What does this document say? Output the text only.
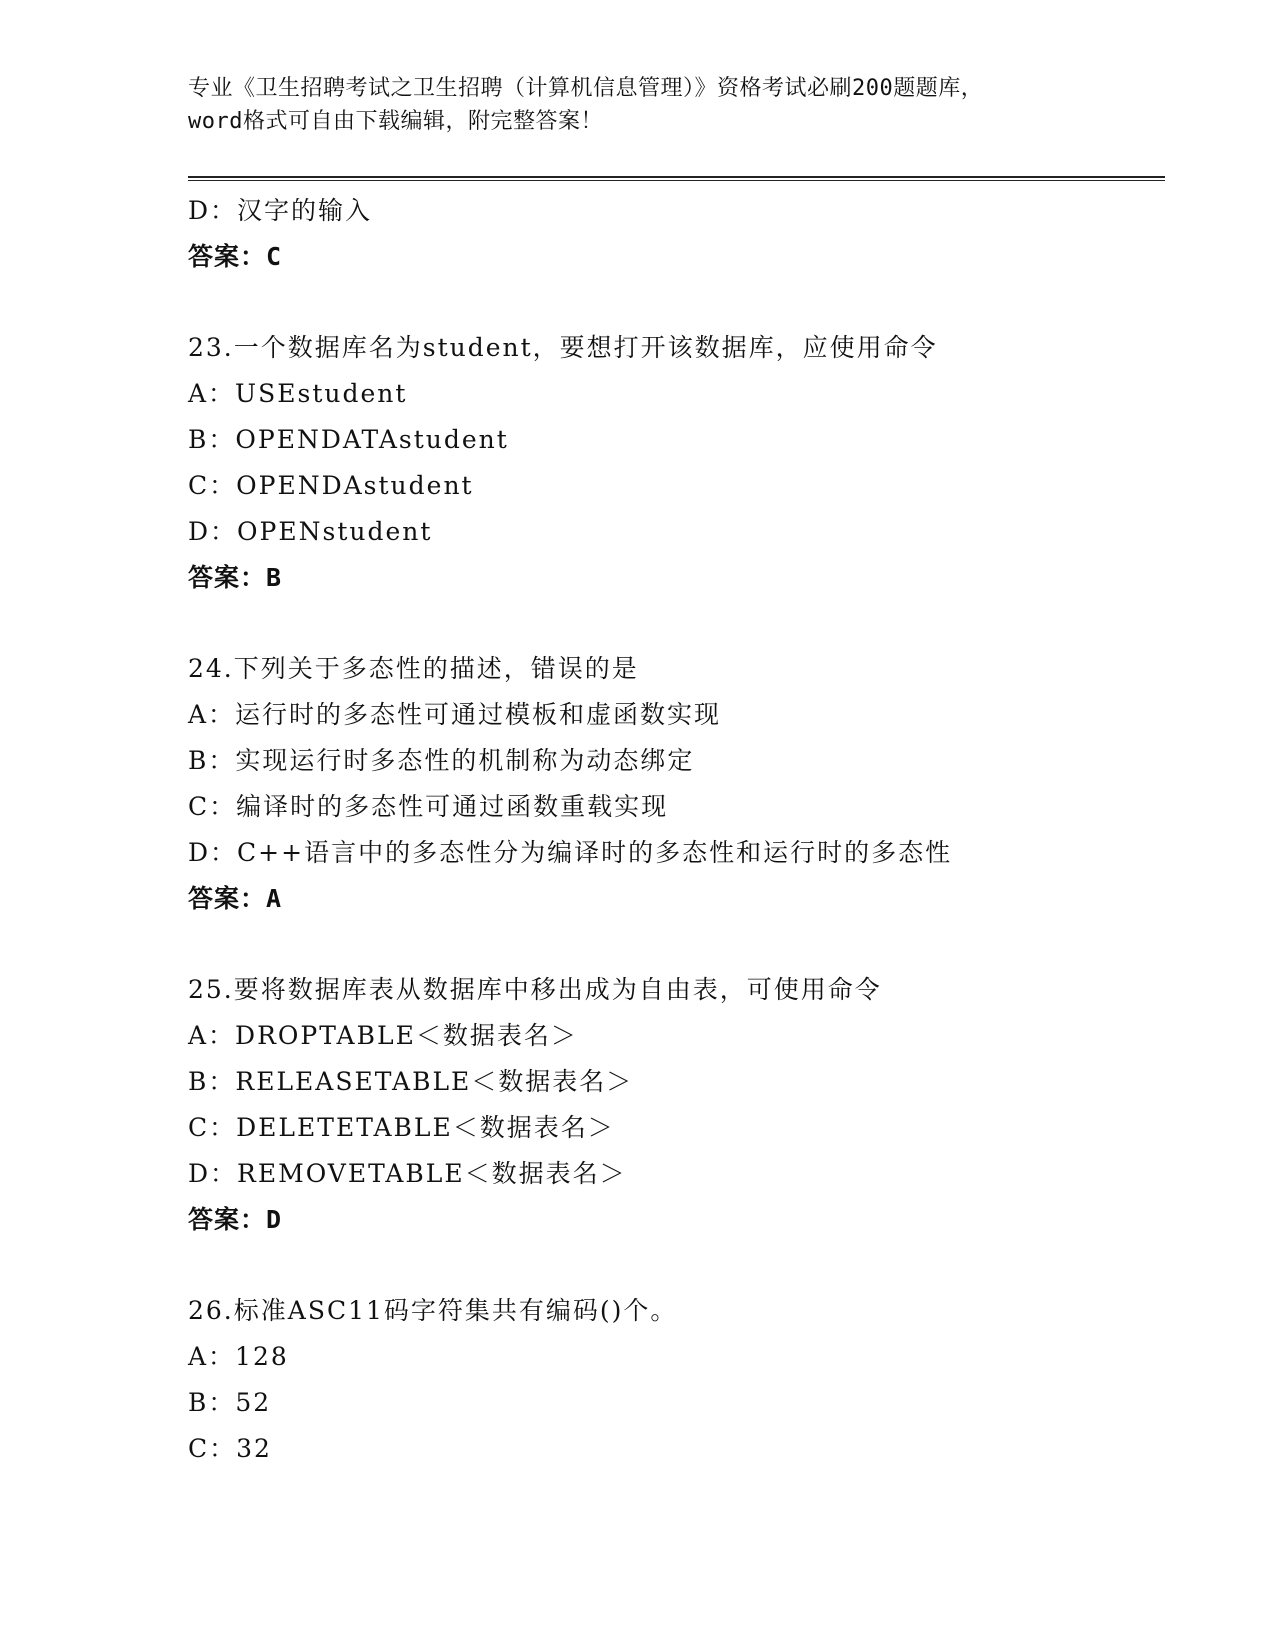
专业《卫生招聘考试之卫生招聘（计算机信息管理）》资格考试必刷200题题库，
word格式可自由下载编辑，附完整答案！
D：汉字的输入
答案：C
23.一个数据库名为student，要想打开该数据库，应使用命令
A：USEstudent
B：OPENDATAstudent
C：OPENDAstudent
D：OPENstudent
答案：B
24.下列关于多态性的描述，错误的是
A：运行时的多态性可通过模板和虚函数实现
B：实现运行时多态性的机制称为动态绑定
C：编译时的多态性可通过函数重载实现
D：C++语言中的多态性分为编译时的多态性和运行时的多态性
答案：A
25.要将数据库表从数据库中移出成为自由表，可使用命令
A：DROPTABLE＜数据表名＞
B：RELEASETABLE＜数据表名＞
C：DELETETABLE＜数据表名＞
D：REMOVETABLE＜数据表名＞
答案：D
26.标准ASC11码字符集共有编码()个。
A：128
B：52
C：32
